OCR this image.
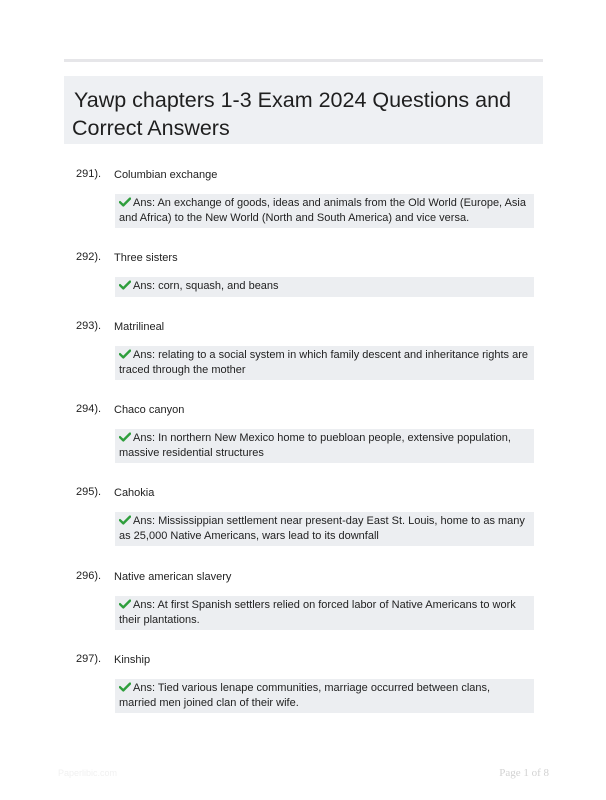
Yawp chapters 1-3 Exam 2024 Questions and
Correct Answers
291). Columbian exchange
Ans: An exchange of goods, ideas and animals from the Old World (Europe, Asia and Africa) to the New World (North and South America) and vice versa.
292). Three sisters
Ans: corn, squash, and beans
293). Matrilineal
Ans: relating to a social system in which family descent and inheritance rights are traced through the mother
294). Chaco canyon
Ans: In northern New Mexico home to puebloan people, extensive population, massive residential structures
295). Cahokia
Ans: Mississippian settlement near present-day East St. Louis, home to as many as 25,000 Native Americans, wars lead to its downfall
296). Native american slavery
Ans: At first Spanish settlers relied on forced labor of Native Americans to work their plantations.
297). Kinship
Ans: Tied various lenape communities, marriage occurred between clans, married men joined clan of their wife.
Paperlibic.com	Page 1 of 8
